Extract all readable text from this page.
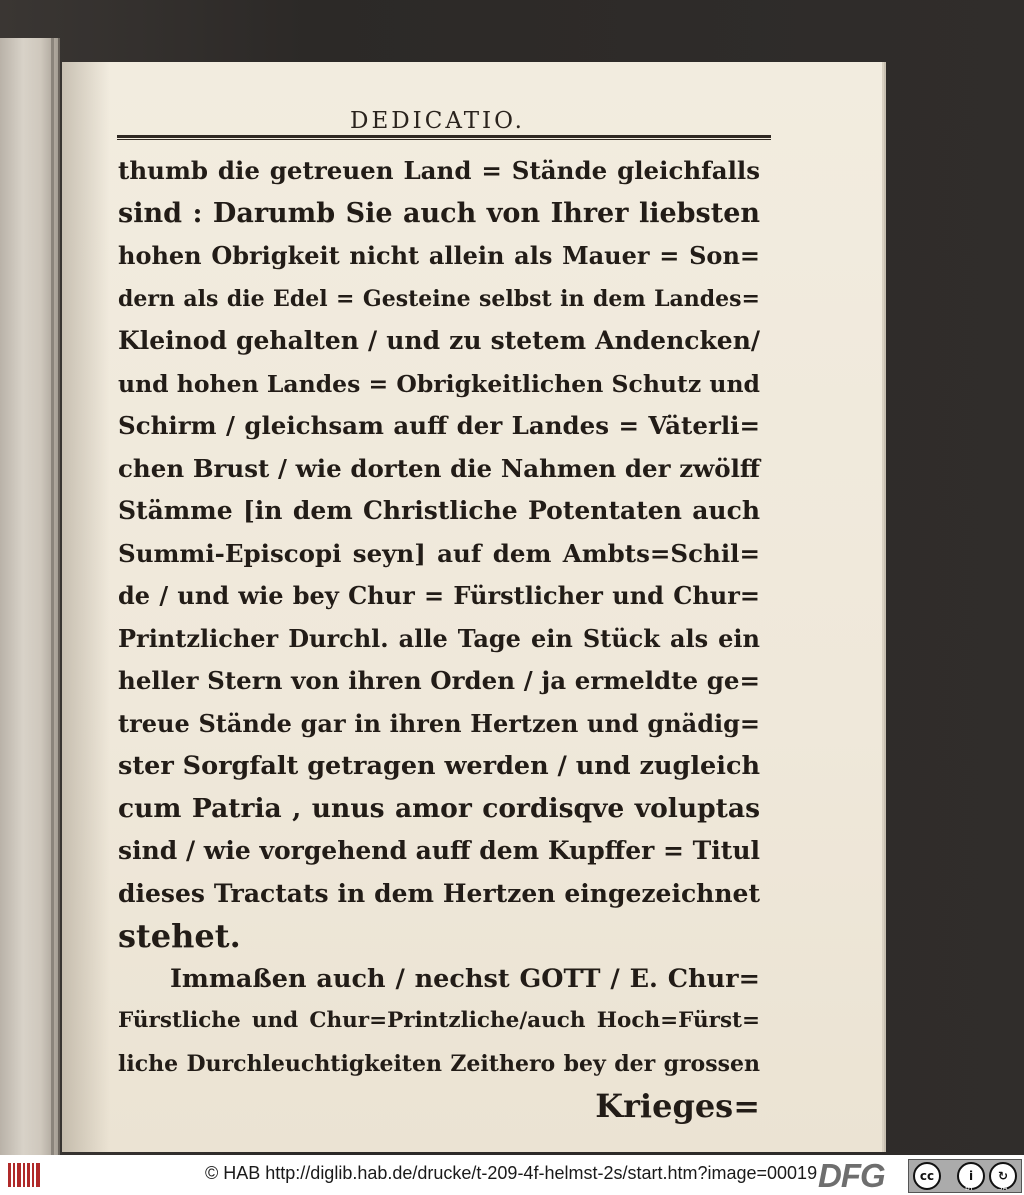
DEDICATIO.
thumb die getreuen Land = Stände gleichfalls
sind : Darumb Sie auch von Ihrer liebsten
hohen Obrigkeit nicht allein als Mauer = Son=
dern als die Edel = Gesteine selbst in dem Landes=
Kleinod gehalten / und zu stetem Andencken/
und hohen Landes = Obrigkeitlichen Schutz und
Schirm / gleichsam auff der Landes = Väterli=
chen Brust / wie dorten die Nahmen der zwölff
Stämme [in dem Christliche Potentaten auch
Summi-Episcopi seyn] auf dem Ambts=Schil=
de / und wie bey Chur = Fürstlicher und Chur=
Printzlicher Durchl. alle Tage ein Stück als ein
heller Stern von ihren Orden / ja ermeldte ge=
treue Stände gar in ihren Hertzen und gnädig=
ster Sorgfalt getragen werden / und zugleich
cum Patria , unus amor cordisqve voluptas
sind / wie vorgehend auff dem Kupffer = Titul
dieses Tractats in dem Hertzen eingezeichnet
stehet.
Immaßen auch / nechst GOTT / E. Chur=
Fürstliche und Chur=Printzliche/auch Hoch=Fürst=
liche Durchleuchtigkeiten Zeithero bey der grossen
Krieges=
© HAB http://diglib.hab.de/drucke/t-209-4f-helmst-2s/start.htm?image=00019 DFG	cc	i	↻
BY	SA
